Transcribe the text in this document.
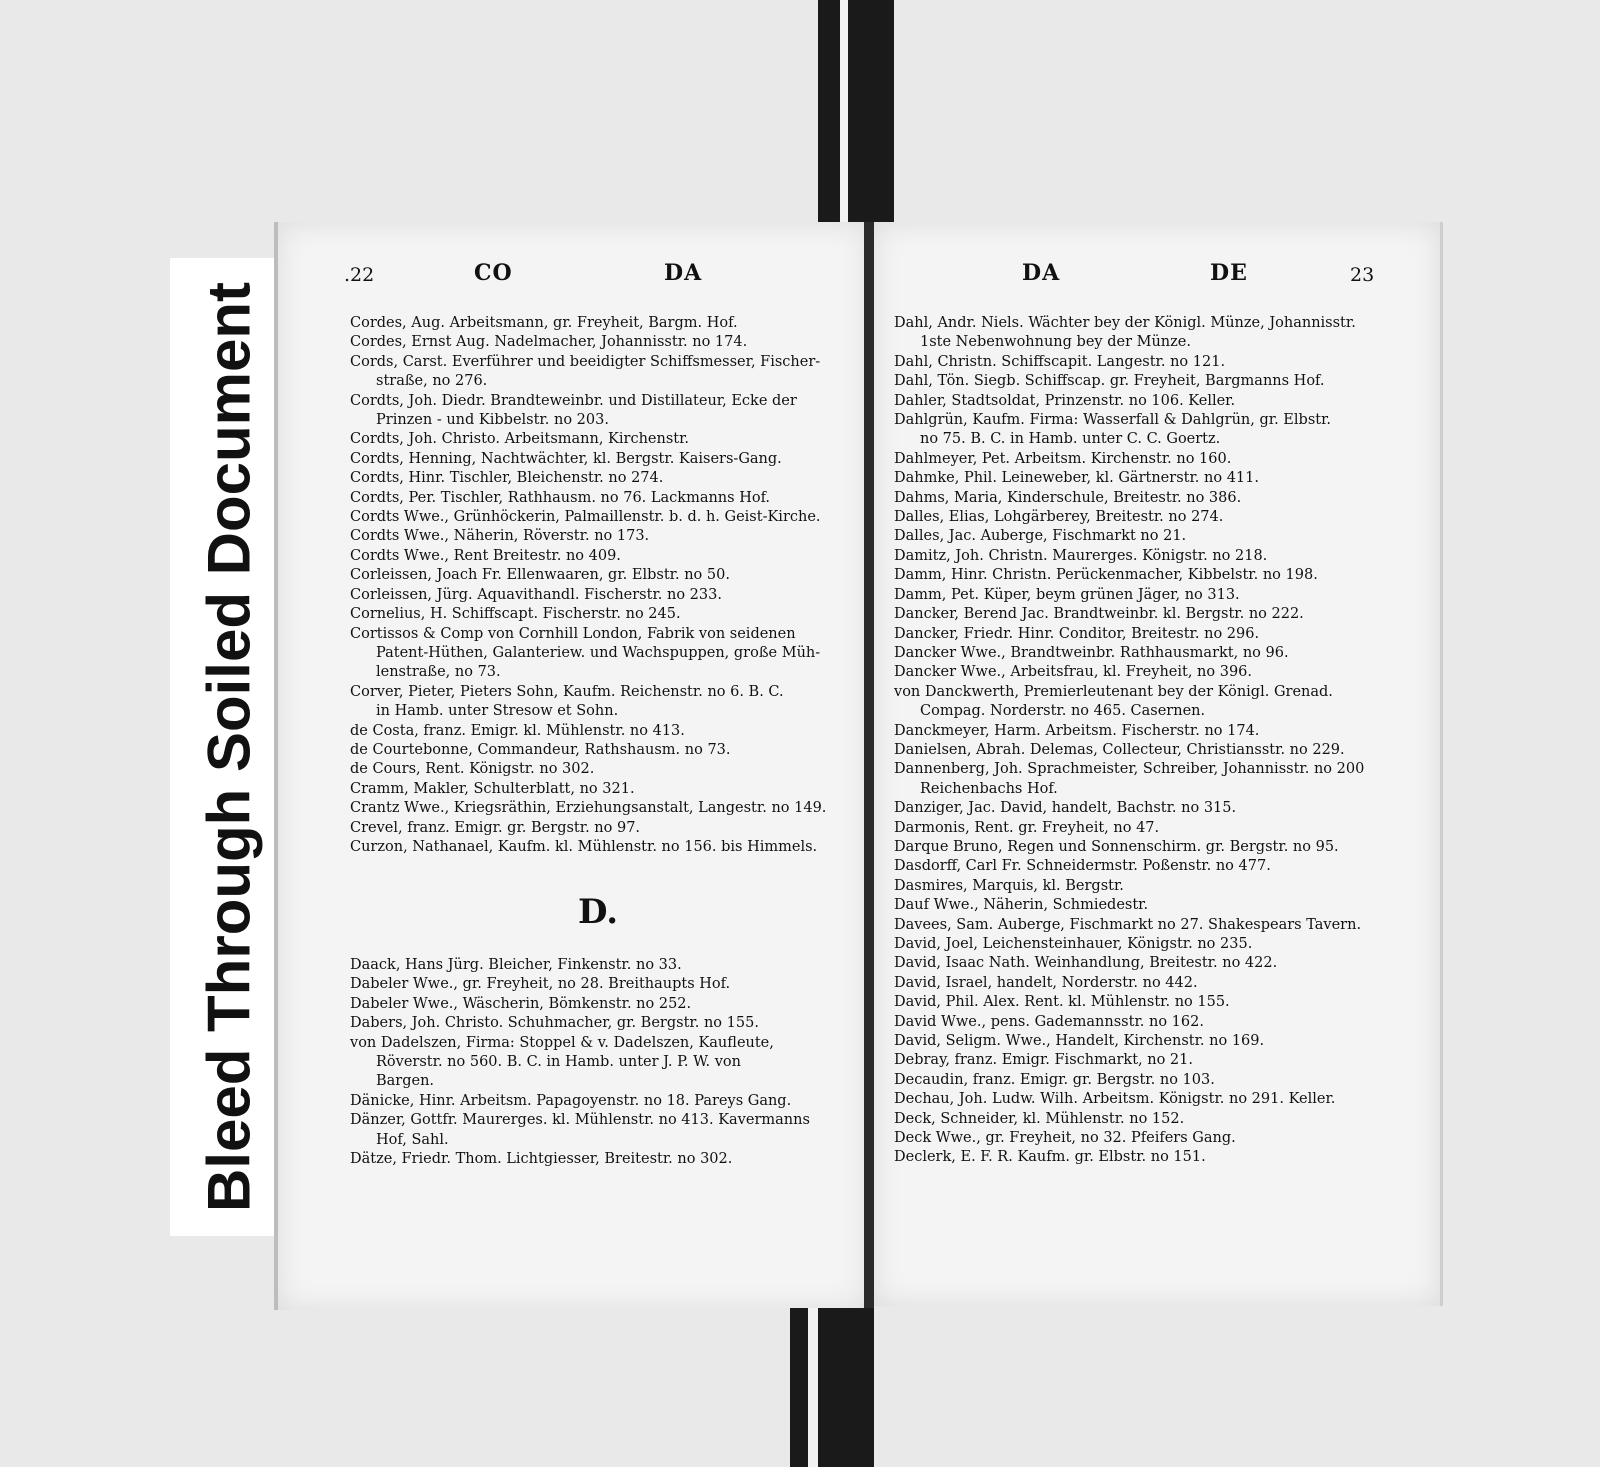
Bleed Through Soiled Document
.22	CO	DA
Cordes, Aug. Arbeitsmann, gr. Freyheit, Bargm. Hof.
Cordes, Ernst Aug. Nadelmacher, Johannisstr. no 174.
Cords, Carst. Everführer und beeidigter Schiffsmesser, Fischer-
straße, no 276.
Cordts, Joh. Diedr. Brandteweinbr. und Distillateur, Ecke der
Prinzen - und Kibbelstr. no 203.
Cordts, Joh. Christo. Arbeitsmann, Kirchenstr.
Cordts, Henning, Nachtwächter, kl. Bergstr. Kaisers-Gang.
Cordts, Hinr. Tischler, Bleichenstr. no 274.
Cordts, Per. Tischler, Rathhausm. no 76. Lackmanns Hof.
Cordts Wwe., Grünhöckerin, Palmaillenstr. b. d. h. Geist-Kirche.
Cordts Wwe., Näherin, Röverstr. no 173.
Cordts Wwe., Rent Breitestr. no 409.
Corleissen, Joach Fr. Ellenwaaren, gr. Elbstr. no 50.
Corleissen, Jürg. Aquavithandl. Fischerstr. no 233.
Cornelius, H. Schiffscapt. Fischerstr. no 245.
Cortissos & Comp von Cornhill London, Fabrik von seidenen
Patent-Hüthen, Galanteriew. und Wachspuppen, große Müh-
lenstraße, no 73.
Corver, Pieter, Pieters Sohn, Kaufm. Reichenstr. no 6. B. C.
in Hamb. unter Stresow et Sohn.
de Costa, franz. Emigr. kl. Mühlenstr. no 413.
de Courtebonne, Commandeur, Rathshausm. no 73.
de Cours, Rent. Königstr. no 302.
Cramm, Makler, Schulterblatt, no 321.
Crantz Wwe., Kriegsräthin, Erziehungsanstalt, Langestr. no 149.
Crevel, franz. Emigr. gr. Bergstr. no 97.
Curzon, Nathanael, Kaufm. kl. Mühlenstr. no 156. bis Himmels.
D.
Daack, Hans Jürg. Bleicher, Finkenstr. no 33.
Dabeler Wwe., gr. Freyheit, no 28. Breithaupts Hof.
Dabeler Wwe., Wäscherin, Bömkenstr. no 252.
Dabers, Joh. Christo. Schuhmacher, gr. Bergstr. no 155.
von Dadelszen, Firma: Stoppel & v. Dadelszen, Kaufleute,
Röverstr. no 560. B. C. in Hamb. unter J. P. W. von
Bargen.
Dänicke, Hinr. Arbeitsm. Papagoyenstr. no 18. Pareys Gang.
Dänzer, Gottfr. Maurerges. kl. Mühlenstr. no 413. Kavermanns
Hof, Sahl.
Dätze, Friedr. Thom. Lichtgiesser, Breitestr. no 302.
DA	DE	23
Dahl, Andr. Niels. Wächter bey der Königl. Münze, Johannisstr.
1ste Nebenwohnung bey der Münze.
Dahl, Christn. Schiffscapit. Langestr. no 121.
Dahl, Tön. Siegb. Schiffscap. gr. Freyheit, Bargmanns Hof.
Dahler, Stadtsoldat, Prinzenstr. no 106. Keller.
Dahlgrün, Kaufm. Firma: Wasserfall & Dahlgrün, gr. Elbstr.
no 75. B. C. in Hamb. unter C. C. Goertz.
Dahlmeyer, Pet. Arbeitsm. Kirchenstr. no 160.
Dahmke, Phil. Leineweber, kl. Gärtnerstr. no 411.
Dahms, Maria, Kinderschule, Breitestr. no 386.
Dalles, Elias, Lohgärberey, Breitestr. no 274.
Dalles, Jac. Auberge, Fischmarkt no 21.
Damitz, Joh. Christn. Maurerges. Königstr. no 218.
Damm, Hinr. Christn. Perückenmacher, Kibbelstr. no 198.
Damm, Pet. Küper, beym grünen Jäger, no 313.
Dancker, Berend Jac. Brandtweinbr. kl. Bergstr. no 222.
Dancker, Friedr. Hinr. Conditor, Breitestr. no 296.
Dancker Wwe., Brandtweinbr. Rathhausmarkt, no 96.
Dancker Wwe., Arbeitsfrau, kl. Freyheit, no 396.
von Danckwerth, Premierleutenant bey der Königl. Grenad.
Compag. Norderstr. no 465. Casernen.
Danckmeyer, Harm. Arbeitsm. Fischerstr. no 174.
Danielsen, Abrah. Delemas, Collecteur, Christiansstr. no 229.
Dannenberg, Joh. Sprachmeister, Schreiber, Johannisstr. no 200
Reichenbachs Hof.
Danziger, Jac. David, handelt, Bachstr. no 315.
Darmonis, Rent. gr. Freyheit, no 47.
Darque Bruno, Regen und Sonnenschirm. gr. Bergstr. no 95.
Dasdorff, Carl Fr. Schneidermstr. Poßenstr. no 477.
Dasmires, Marquis, kl. Bergstr.
Dauf Wwe., Näherin, Schmiedestr.
Davees, Sam. Auberge, Fischmarkt no 27. Shakespears Tavern.
David, Joel, Leichensteinhauer, Königstr. no 235.
David, Isaac Nath. Weinhandlung, Breitestr. no 422.
David, Israel, handelt, Norderstr. no 442.
David, Phil. Alex. Rent. kl. Mühlenstr. no 155.
David Wwe., pens. Gademannsstr. no 162.
David, Seligm. Wwe., Handelt, Kirchenstr. no 169.
Debray, franz. Emigr. Fischmarkt, no 21.
Decaudin, franz. Emigr. gr. Bergstr. no 103.
Dechau, Joh. Ludw. Wilh. Arbeitsm. Königstr. no 291. Keller.
Deck, Schneider, kl. Mühlenstr. no 152.
Deck Wwe., gr. Freyheit, no 32. Pfeifers Gang.
Declerk, E. F. R. Kaufm. gr. Elbstr. no 151.
